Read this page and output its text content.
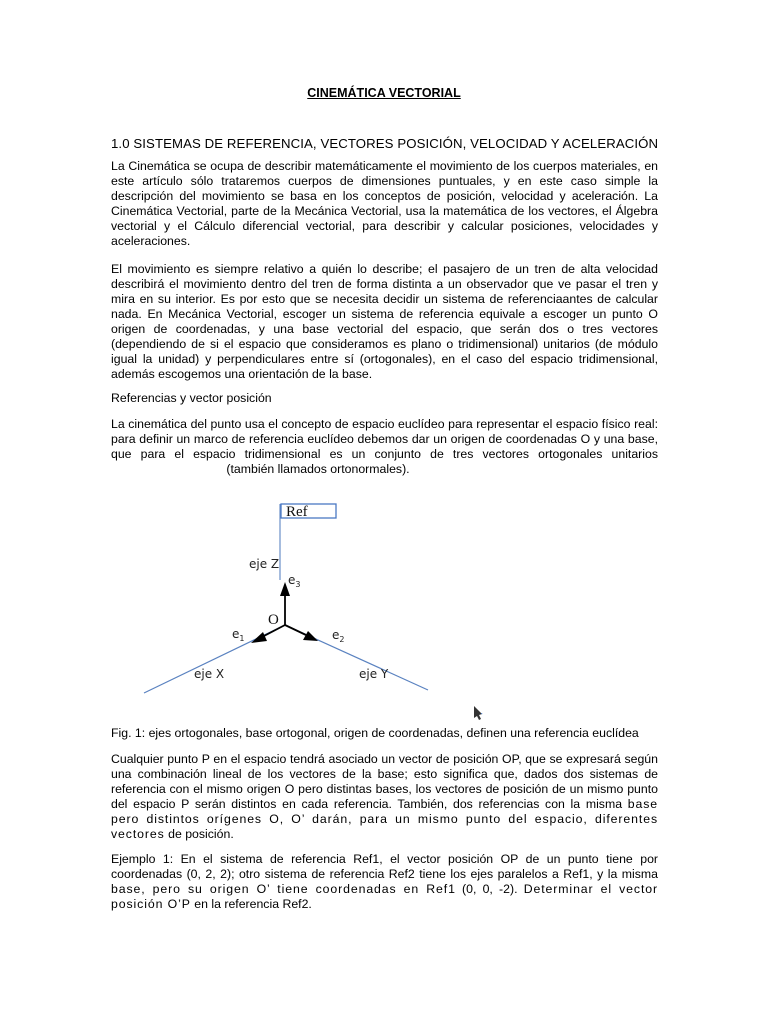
CINEMÁTICA VECTORIAL
1.0 SISTEMAS DE REFERENCIA, VECTORES POSICIÓN, VELOCIDAD Y ACELERACIÓN
La Cinemática se ocupa de describir matemáticamente el movimiento de los cuerpos materiales, en este artículo sólo trataremos cuerpos de dimensiones puntuales, y en este caso simple la descripción del movimiento se basa en los conceptos de posición, velocidad y aceleración. La Cinemática Vectorial, parte de la Mecánica Vectorial, usa la matemática de los vectores, el Álgebra vectorial y el Cálculo diferencial vectorial, para describir y calcular posiciones, velocidades y aceleraciones.
El movimiento es siempre relativo a quién lo describe; el pasajero de un tren de alta velocidad describirá el movimiento dentro del tren de forma distinta a un observador que ve pasar el tren y mira en su interior. Es por esto que se necesita decidir un sistema de referenciaantes de calcular nada. En Mecánica Vectorial, escoger un sistema de referencia equivale a escoger un punto O origen de coordenadas, y una base vectorial del espacio, que serán dos o tres vectores (dependiendo de si el espacio que consideramos es plano o tridimensional) unitarios (de módulo igual la unidad) y perpendiculares entre sí (ortogonales), en el caso del espacio tridimensional, además escogemos una orientación de la base.
Referencias y vector posición
La cinemática del punto usa el concepto de espacio euclídeo para representar el espacio físico real: para definir un marco de referencia euclídeo debemos dar un origen de coordenadas O y una base, que para el espacio tridimensional es un conjunto de tres vectores ortogonales unitarios  (también llamados ortonormales).
Ref
eje Z
$e_3$
O
$e_1$	$e_2$
eje X	eje Y
Fig. 1: ejes ortogonales, base ortogonal, origen de coordenadas, definen una referencia euclídea
Cualquier punto P en el espacio tendrá asociado un vector de posición OP, que se expresará según una combinación lineal de los vectores de la base; esto significa que, dados dos sistemas de referencia con el mismo origen O pero distintas bases, los vectores de posición de un mismo punto del espacio P serán distintos en cada referencia. También, dos referencias con la misma base pero distintos orígenes O, O’ darán, para un mismo punto del espacio, diferentes vectores de posición.
Ejemplo 1: En el sistema de referencia Ref1, el vector posición OP de un punto tiene por coordenadas (0, 2, 2); otro sistema de referencia Ref2 tiene los ejes paralelos a Ref1, y la misma base, pero su origen O’ tiene coordenadas en Ref1 (0, 0, -2). Determinar el vector posición O’P en la referencia Ref2.
